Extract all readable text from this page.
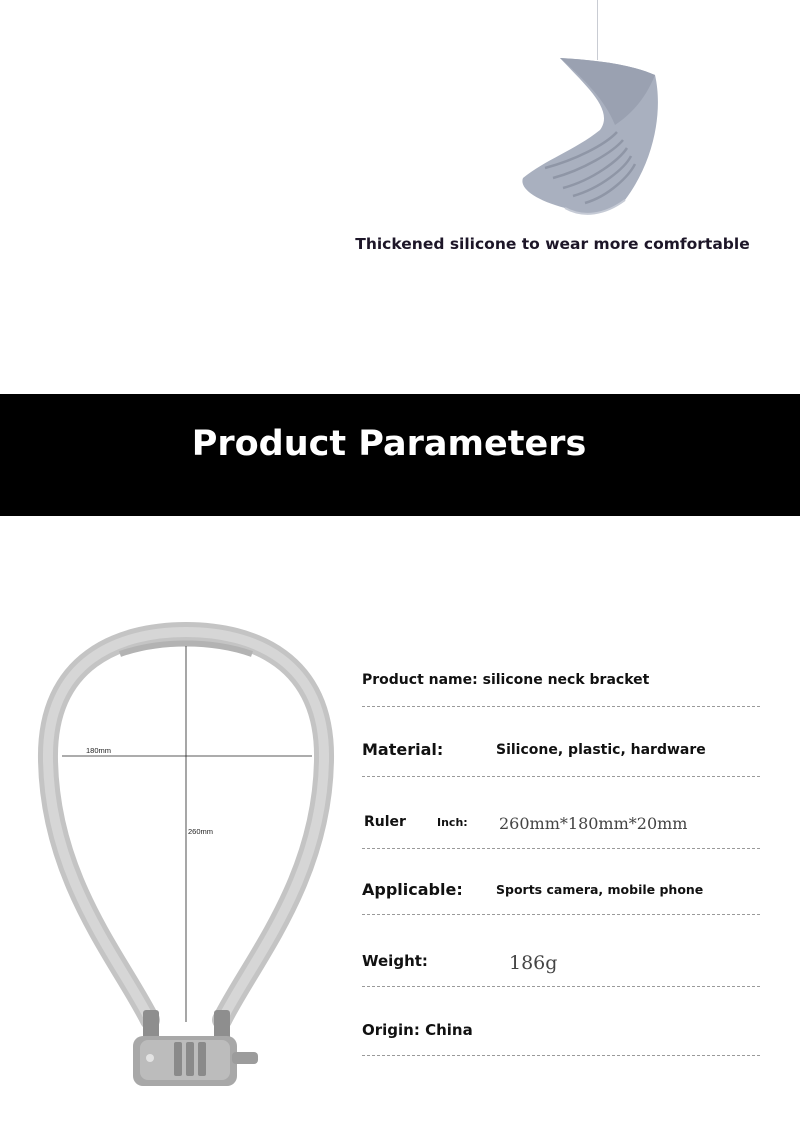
Thickened silicone to wear more comfortable
Product Parameters
180mm
260mm
Product name: silicone neck bracket
Material:	Silicone, plastic, hardware
Ruler	Inch: 260mm*180mm*20mm
Applicable:	Sports camera, mobile phone
Weight:	186g
Origin: China
